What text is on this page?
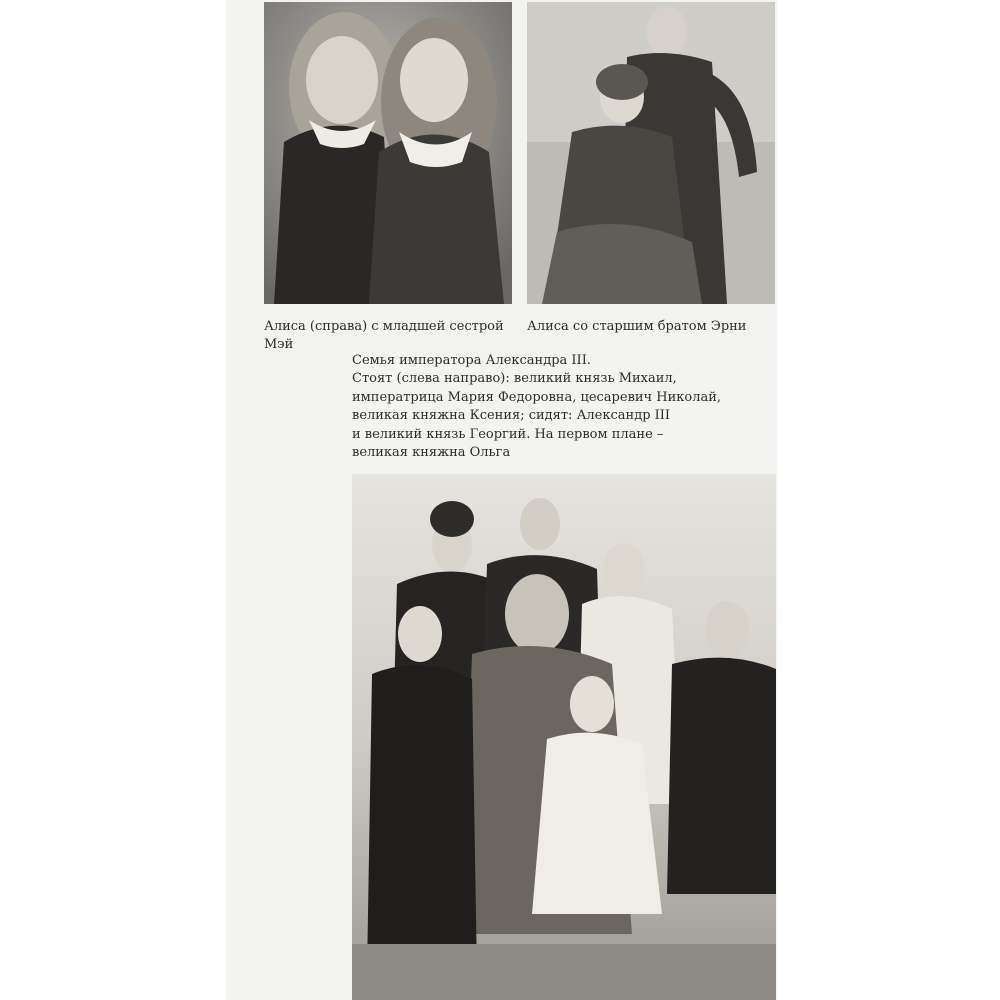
Алиса (справа) с младшей сестрой Мэй

Алиса со старшим братом Эрни

Семья императора Александра III.
Стоят (слева направо): великий князь Михаил,
императрица Мария Федоровна, цесаревич Николай,
великая княжна Ксения; сидят: Александр III
и великий князь Георгий. На первом плане –
великая княжна Ольга
